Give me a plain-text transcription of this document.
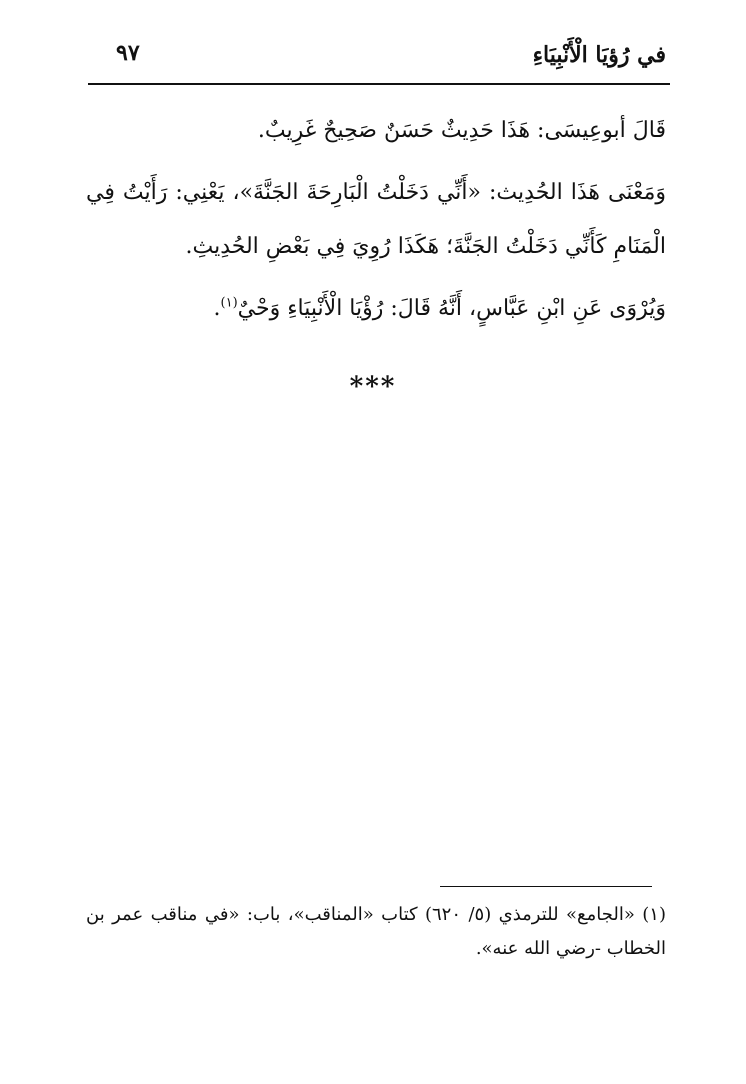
في رُؤيَا الْأَنْبِيَاءِ
٩٧

قَالَ أبوعِيسَى: هَذَا حَدِيثٌ حَسَنٌ صَحِيحٌ غَرِيبٌ.

وَمَعْنَى هَذَا الحُدِيث: «أَنِّي دَخَلْتُ الْبَارِحَةَ الجَنَّةَ»، يَعْنِي: رَأَيْتُ فِي الْمَنَامِ كَأَنِّي دَخَلْتُ الجَنَّةَ؛ هَكَذَا رُوِيَ فِي بَعْضِ الحُدِيثِ.

وَيُرْوَى عَنِ ابْنِ عَبَّاسٍ، أَنَّهُ قَالَ: رُؤْيَا الْأَنْبِيَاءِ وَحْيٌ$^{(١)}$.

***
(١) «الجامع» للترمذي (٥/ ٦٢٠) كتاب «المناقب»، باب: «في مناقب عمر بن الخطاب -رضي الله عنه».
